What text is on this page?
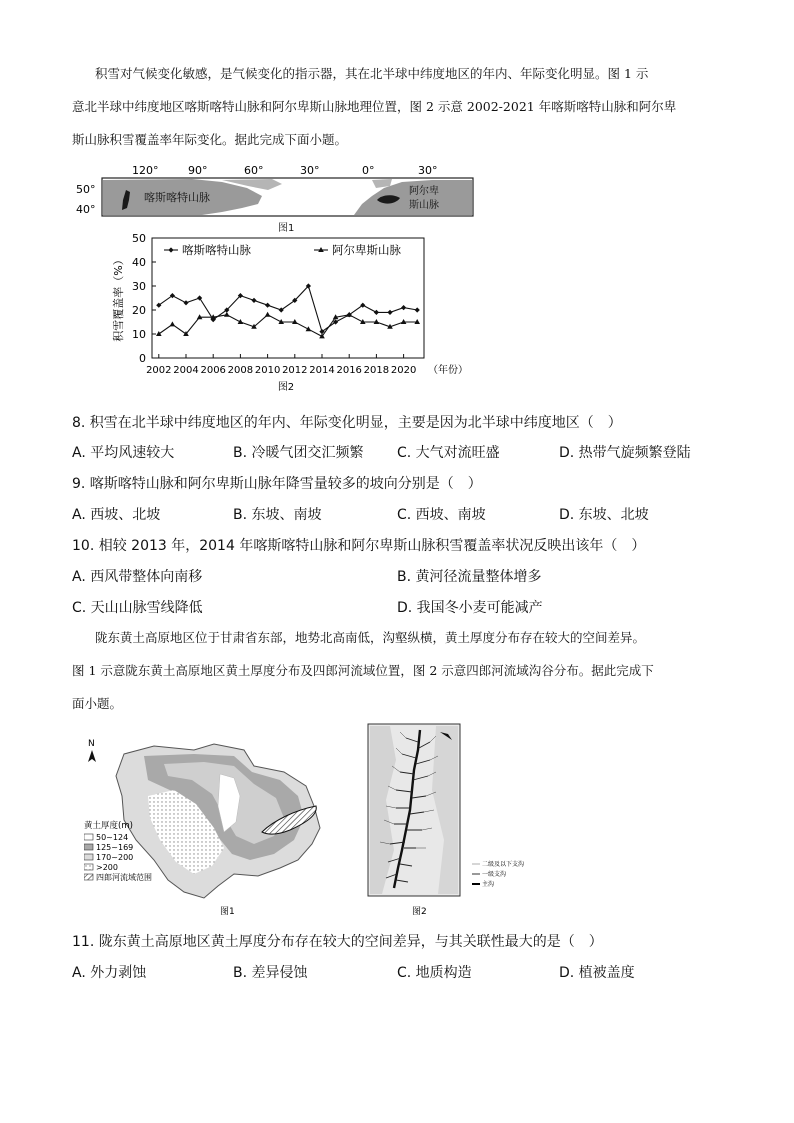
积雪对气候变化敏感，是气候变化的指示器，其在北半球中纬度地区的年内、年际变化明显。图 1 示
意北半球中纬度地区喀斯喀特山脉和阿尔卑斯山脉地理位置，图 2 示意 2002-2021 年喀斯喀特山脉和阿尔卑
斯山脉积雪覆盖率年际变化。据此完成下面小题。
120°	90°	60°	30°	0°	30°
50°
40°
喀斯喀特山脉	阿尔卑
斯山脉
图1
0
10
20
30
40
50
2002 2004 2006 2008 2010 2012 2014 2016 2018 2020 （年份）
积雪覆盖率（%）
喀斯喀特山脉	阿尔卑斯山脉
图2
8. 积雪在北半球中纬度地区的年内、年际变化明显，主要是因为北半球中纬度地区（　）
A. 平均风速较大	B. 冷暖气团交汇频繁 C. 大气对流旺盛	D. 热带气旋频繁登陆
9. 喀斯喀特山脉和阿尔卑斯山脉年降雪量较多的坡向分别是（　）
A. 西坡、北坡	B. 东坡、南坡	C. 西坡、南坡	D. 东坡、北坡
10. 相较 2013 年，2014 年喀斯喀特山脉和阿尔卑斯山脉积雪覆盖率状况反映出该年（　）
A. 西风带整体向南移	B. 黄河径流量整体增多
C. 天山山脉雪线降低	D. 我国冬小麦可能减产
陇东黄土高原地区位于甘肃省东部，地势北高南低，沟壑纵横，黄土厚度分布存在较大的空间差异。
图 1 示意陇东黄土高原地区黄土厚度分布及四郎河流域位置，图 2 示意四郎河流域沟谷分布。据此完成下
面小题。
N
黄土厚度(m)
50~124
125~169
170~200
>200
四郎河流域范围
图1
二级及以下支沟
一级支沟
主沟
图2
11. 陇东黄土高原地区黄土厚度分布存在较大的空间差异，与其关联性最大的是（　）
A. 外力剥蚀	B. 差异侵蚀	C. 地质构造	D. 植被盖度
